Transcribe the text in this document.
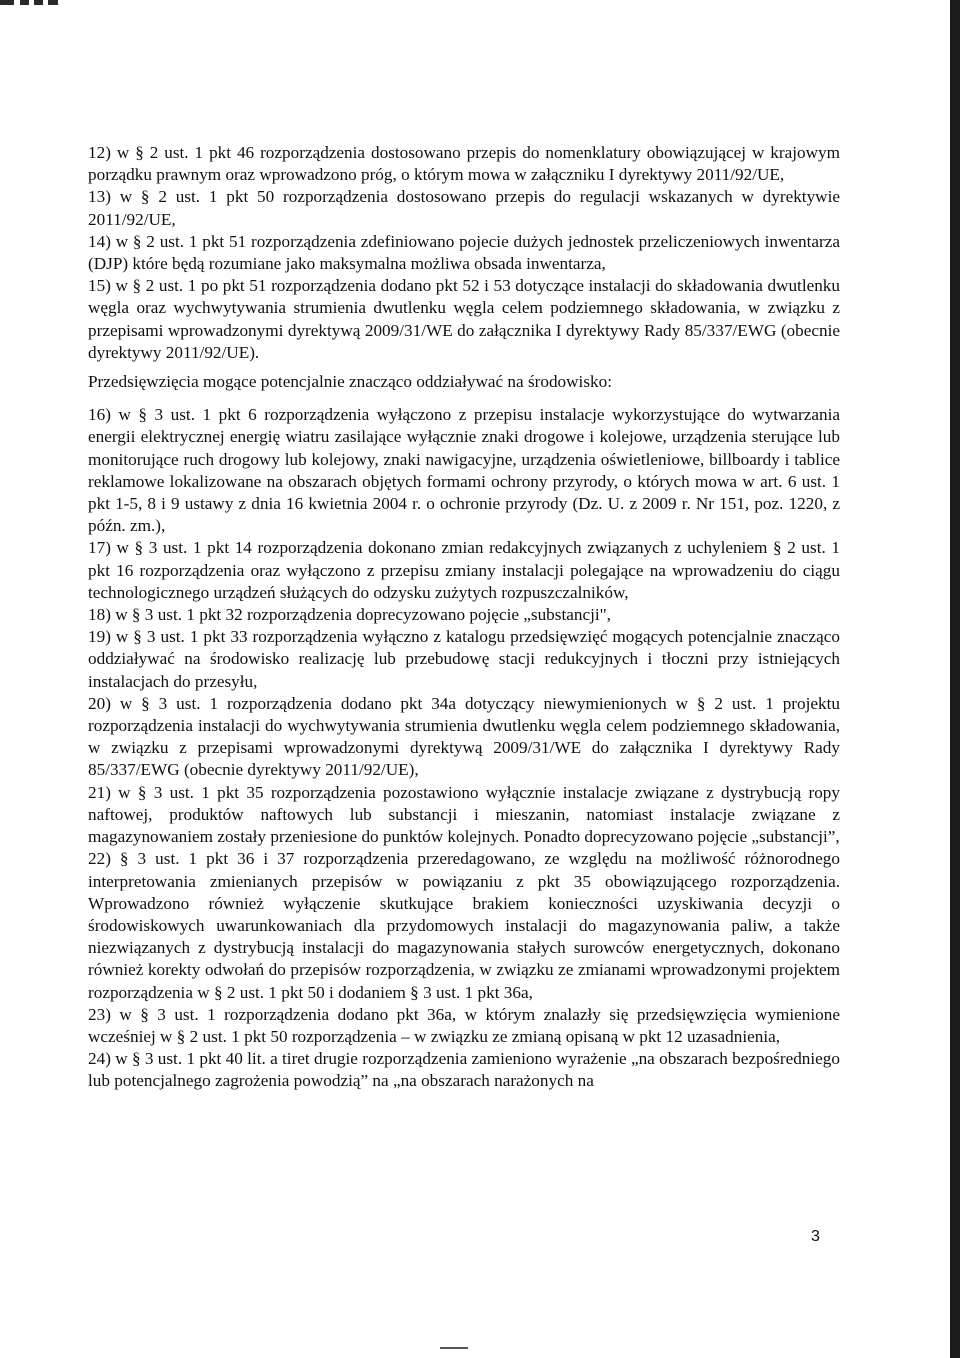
12) w § 2 ust. 1 pkt 46 rozporządzenia dostosowano przepis do nomenklatury obowiązującej w krajowym porządku prawnym oraz wprowadzono próg, o którym mowa w załączniku I dyrektywy 2011/92/UE,

13) w § 2 ust. 1 pkt 50 rozporządzenia dostosowano przepis do regulacji wskazanych w dyrektywie 2011/92/UE,

14) w § 2 ust. 1 pkt 51 rozporządzenia zdefiniowano pojecie dużych jednostek przeliczeniowych inwentarza (DJP) które będą rozumiane jako maksymalna możliwa obsada inwentarza,

15) w § 2 ust. 1 po pkt 51 rozporządzenia dodano pkt 52 i 53 dotyczące instalacji do składowania dwutlenku węgla oraz wychwytywania strumienia dwutlenku węgla celem podziemnego składowania, w związku z przepisami wprowadzonymi dyrektywą 2009/31/WE do załącznika I dyrektywy Rady 85/337/EWG (obecnie dyrektywy 2011/92/UE).

Przedsięwzięcia mogące potencjalnie znacząco oddziaływać na środowisko:

16) w § 3 ust. 1 pkt 6 rozporządzenia wyłączono z przepisu instalacje wykorzystujące do wytwarzania energii elektrycznej energię wiatru zasilające wyłącznie znaki drogowe i kolejowe, urządzenia sterujące lub monitorujące ruch drogowy lub kolejowy, znaki nawigacyjne, urządzenia oświetleniowe, billboardy i tablice reklamowe lokalizowane na obszarach objętych formami ochrony przyrody, o których mowa w art. 6 ust. 1 pkt 1-5, 8 i 9 ustawy z dnia 16 kwietnia 2004 r. o ochronie przyrody (Dz. U. z 2009 r. Nr 151, poz. 1220, z późn. zm.),

17) w § 3 ust. 1 pkt 14 rozporządzenia dokonano zmian redakcyjnych związanych z uchyleniem § 2 ust. 1 pkt 16 rozporządzenia oraz wyłączono z przepisu zmiany instalacji polegające na wprowadzeniu do ciągu technologicznego urządzeń służących do odzysku zużytych rozpuszczalników,

18) w § 3 ust. 1 pkt 32 rozporządzenia doprecyzowano pojęcie „substancji",

19) w § 3 ust. 1 pkt 33 rozporządzenia wyłączno z katalogu przedsięwzięć mogących potencjalnie znacząco oddziaływać na środowisko realizację lub przebudowę stacji redukcyjnych i tłoczni przy istniejących instalacjach do przesyłu,

20) w § 3 ust. 1 rozporządzenia dodano pkt 34a dotyczący niewymienionych w § 2 ust. 1 projektu rozporządzenia instalacji do wychwytywania strumienia dwutlenku węgla celem podziemnego składowania, w związku z przepisami wprowadzonymi dyrektywą 2009/31/WE do załącznika I dyrektywy Rady 85/337/EWG (obecnie dyrektywy 2011/92/UE),

21) w § 3 ust. 1 pkt 35 rozporządzenia pozostawiono wyłącznie instalacje związane z dystrybucją ropy naftowej, produktów naftowych lub substancji i mieszanin, natomiast instalacje związane z magazynowaniem zostały przeniesione do punktów kolejnych. Ponadto doprecyzowano pojęcie „substancji”,

22) § 3 ust. 1 pkt 36 i 37 rozporządzenia przeredagowano, ze względu na możliwość różnorodnego interpretowania zmienianych przepisów w powiązaniu z pkt 35 obowiązującego rozporządzenia. Wprowadzono również wyłączenie skutkujące brakiem konieczności uzyskiwania decyzji o środowiskowych uwarunkowaniach dla przydomowych instalacji do magazynowania paliw, a także niezwiązanych z dystrybucją instalacji do magazynowania stałych surowców energetycznych, dokonano również korekty odwołań do przepisów rozporządzenia, w związku ze zmianami wprowadzonymi projektem rozporządzenia w § 2 ust. 1 pkt 50 i dodaniem § 3 ust. 1 pkt 36a,

23) w § 3 ust. 1 rozporządzenia dodano pkt 36a, w którym znalazły się przedsięwzięcia wymienione wcześniej w § 2 ust. 1 pkt 50 rozporządzenia – w związku ze zmianą opisaną w pkt 12 uzasadnienia,

24) w § 3 ust. 1 pkt 40 lit. a tiret drugie rozporządzenia zamieniono wyrażenie „na obszarach bezpośredniego lub potencjalnego zagrożenia powodzią” na „na obszarach narażonych na

3
